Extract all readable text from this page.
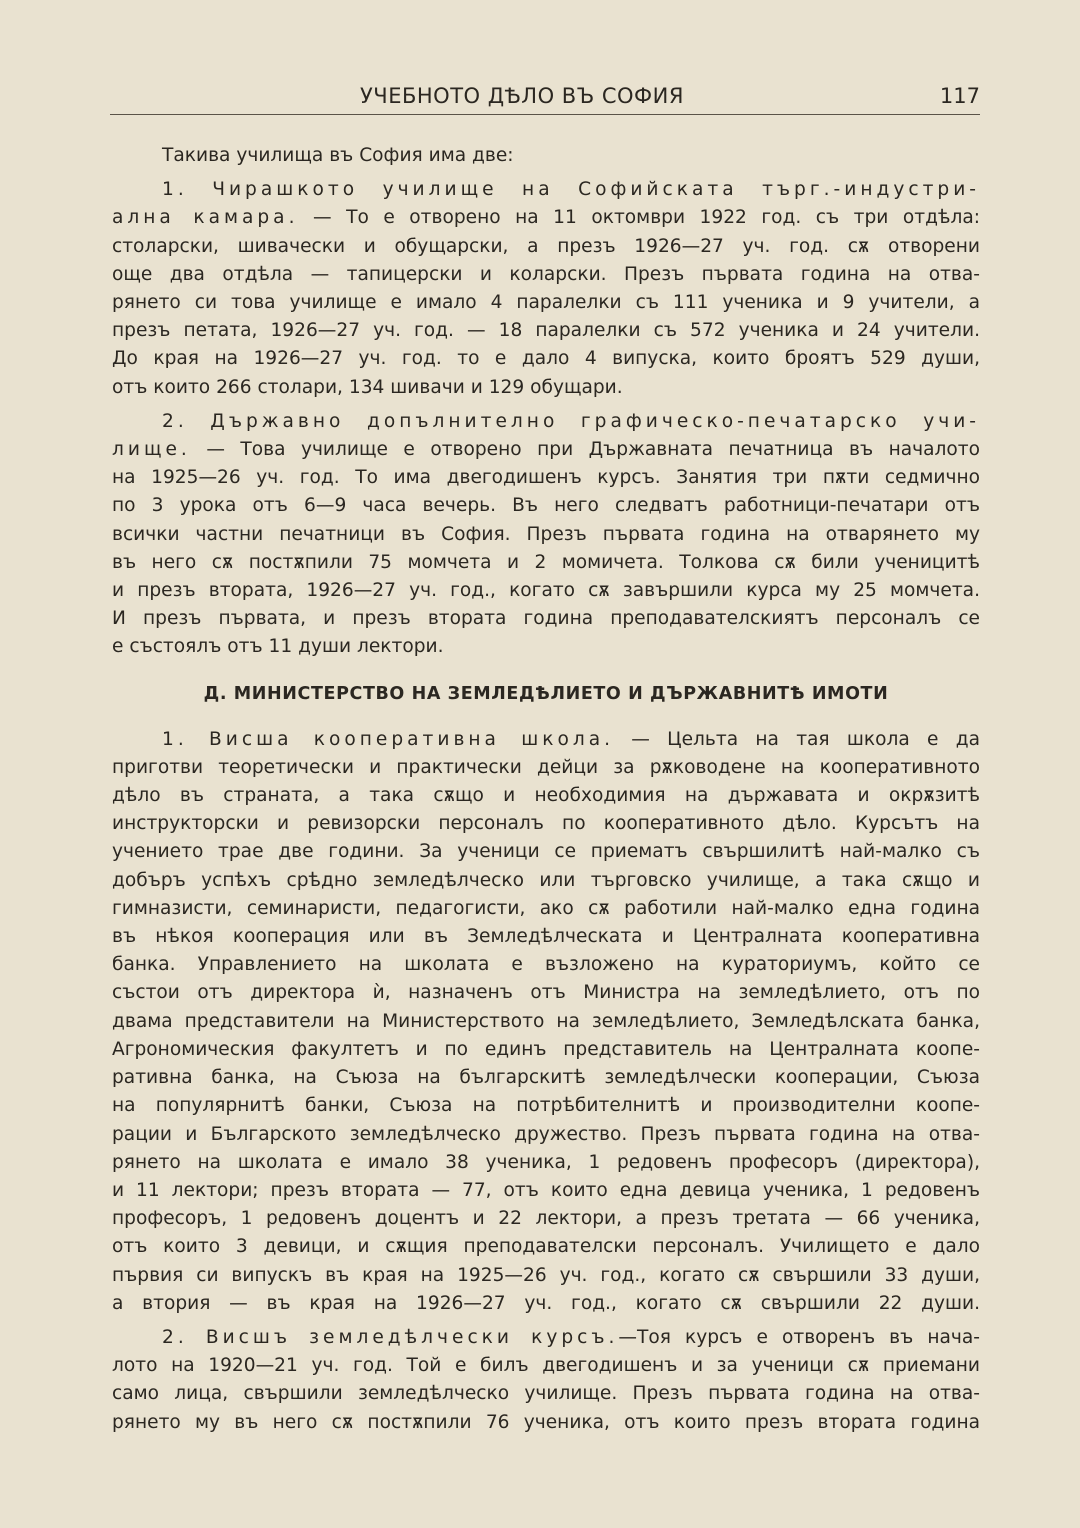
УЧЕБНОТО ДѢЛО ВЪ СОФИЯ	117

Такива училища въ София има две:

1. Чирашкото училище на Софийската търг.-индустри-

ална камара. — То е отворено на 11 октомври 1922 год. съ три отдѣла:

столарски, шивачески и обущарски, а презъ 1926—27 уч. год. сѫ отворени

още два отдѣла — тапицерски и коларски. Презъ първата година на отва-

рянето си това училище е имало 4 паралелки съ 111 ученика и 9 учители, а

презъ петата, 1926—27 уч. год. — 18 паралелки съ 572 ученика и 24 учители.

До края на 1926—27 уч. год. то е дало 4 випуска, които броятъ 529 души,

отъ които 266 столари, 134 шивачи и 129 обущари.

2. Държавно допълнително графическо-печатарско учи-

лище. — Това училище е отворено при Държавната печатница въ началото

на 1925—26 уч. год. То има двегодишенъ курсъ. Занятия три пѫти седмично

по 3 урока отъ 6—9 часа вечерь. Въ него следватъ работници-печатари отъ

всички частни печатници въ София. Презъ първата година на отварянето му

въ него сѫ постѫпили 75 момчета и 2 момичета. Толкова сѫ били ученицитѣ

и презъ втората, 1926—27 уч. год., когато сѫ завършили курса му 25 момчета.

И презъ първата, и презъ втората година преподавателскиятъ персоналъ се

е състоялъ отъ 11 души лектори.

Д. МИНИСТЕРСТВО НА ЗЕМЛЕДѢЛИЕТО И ДЪРЖАВНИТѢ ИМОТИ

1. Висша кооперативна школа. — Цельта на тая школа е да

приготви теоретически и практически дейци за рѫководене на кооперативното

дѣло въ страната, а така сѫщо и необходимия на държавата и окрѫзитѣ

инструкторски и ревизорски персоналъ по кооперативното дѣло. Курсътъ на

учението трае две години. За ученици се приематъ свършилитѣ най-малко съ

добъръ успѣхъ срѣдно земледѣлческо или търговско училище, а така сѫщо и

гимназисти, семинаристи, педагогисти, ако сѫ работили най-малко една година

въ нѣкоя кооперация или въ Земледѣлческата и Централната кооперативна

банка. Управлението на школата е възложено на кураториумъ, който се

състои отъ директора ѝ, назначенъ отъ Министра на земледѣлието, отъ по

двама представители на Министерството на земледѣлието, Земледѣлската банка,

Агрономическия факултетъ и по единъ представитель на Централната коопе-

ративна банка, на Съюза на българскитѣ земледѣлчески кооперации, Съюза

на популярнитѣ банки, Съюза на потрѣбителнитѣ и производителни коопе-

рации и Българското земледѣлческо дружество. Презъ първата година на отва-

рянето на школата е имало 38 ученика, 1 редовенъ професоръ (директора),

и 11 лектори; презъ втората — 77, отъ които една девица ученика, 1 редовенъ

професоръ, 1 редовенъ доцентъ и 22 лектори, а презъ третата — 66 ученика,

отъ които 3 девици, и сѫщия преподавателски персоналъ. Училището е дало

първия си випускъ въ края на 1925—26 уч. год., когато сѫ свършили 33 души,

а втория — въ края на 1926—27 уч. год., когато сѫ свършили 22 души.

2. Висшъ земледѣлчески курсъ.—Тоя курсъ е отворенъ въ нача-

лото на 1920—21 уч. год. Той е билъ двегодишенъ и за ученици сѫ приемани

само лица, свършили земледѣлческо училище. Презъ първата година на отва-

рянето му въ него сѫ постѫпили 76 ученика, отъ които презъ втората година
